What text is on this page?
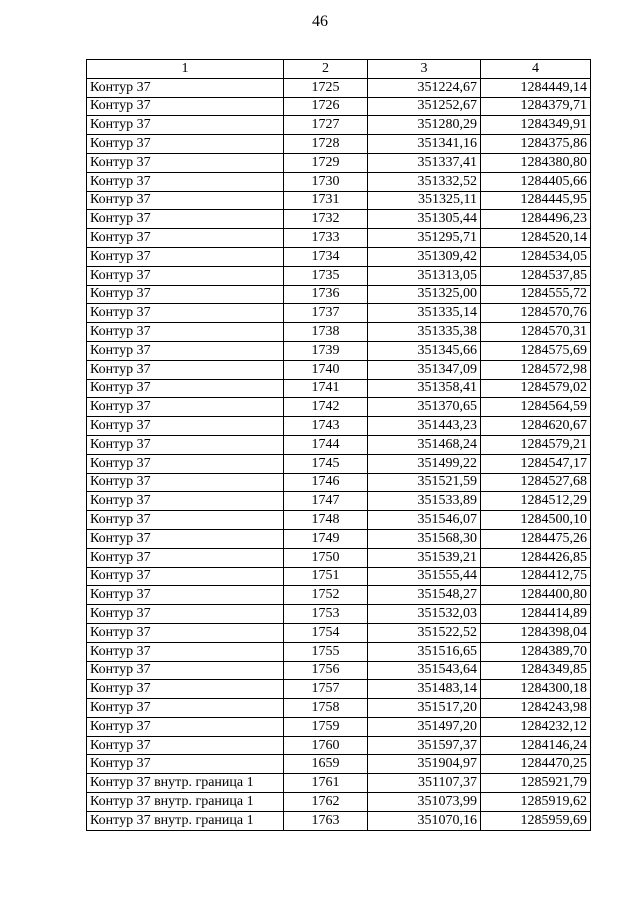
46
1	2	3	4
Контур 37	1725	351224,67	1284449,14
Контур 37	1726	351252,67	1284379,71
Контур 37	1727	351280,29	1284349,91
Контур 37	1728	351341,16	1284375,86
Контур 37	1729	351337,41	1284380,80
Контур 37	1730	351332,52	1284405,66
Контур 37	1731	351325,11	1284445,95
Контур 37	1732	351305,44	1284496,23
Контур 37	1733	351295,71	1284520,14
Контур 37	1734	351309,42	1284534,05
Контур 37	1735	351313,05	1284537,85
Контур 37	1736	351325,00	1284555,72
Контур 37	1737	351335,14	1284570,76
Контур 37	1738	351335,38	1284570,31
Контур 37	1739	351345,66	1284575,69
Контур 37	1740	351347,09	1284572,98
Контур 37	1741	351358,41	1284579,02
Контур 37	1742	351370,65	1284564,59
Контур 37	1743	351443,23	1284620,67
Контур 37	1744	351468,24	1284579,21
Контур 37	1745	351499,22	1284547,17
Контур 37	1746	351521,59	1284527,68
Контур 37	1747	351533,89	1284512,29
Контур 37	1748	351546,07	1284500,10
Контур 37	1749	351568,30	1284475,26
Контур 37	1750	351539,21	1284426,85
Контур 37	1751	351555,44	1284412,75
Контур 37	1752	351548,27	1284400,80
Контур 37	1753	351532,03	1284414,89
Контур 37	1754	351522,52	1284398,04
Контур 37	1755	351516,65	1284389,70
Контур 37	1756	351543,64	1284349,85
Контур 37	1757	351483,14	1284300,18
Контур 37	1758	351517,20	1284243,98
Контур 37	1759	351497,20	1284232,12
Контур 37	1760	351597,37	1284146,24
Контур 37	1659	351904,97	1284470,25
Контур 37 внутр. граница 1	1761	351107,37	1285921,79
Контур 37 внутр. граница 1	1762	351073,99	1285919,62
Контур 37 внутр. граница 1	1763	351070,16	1285959,69
